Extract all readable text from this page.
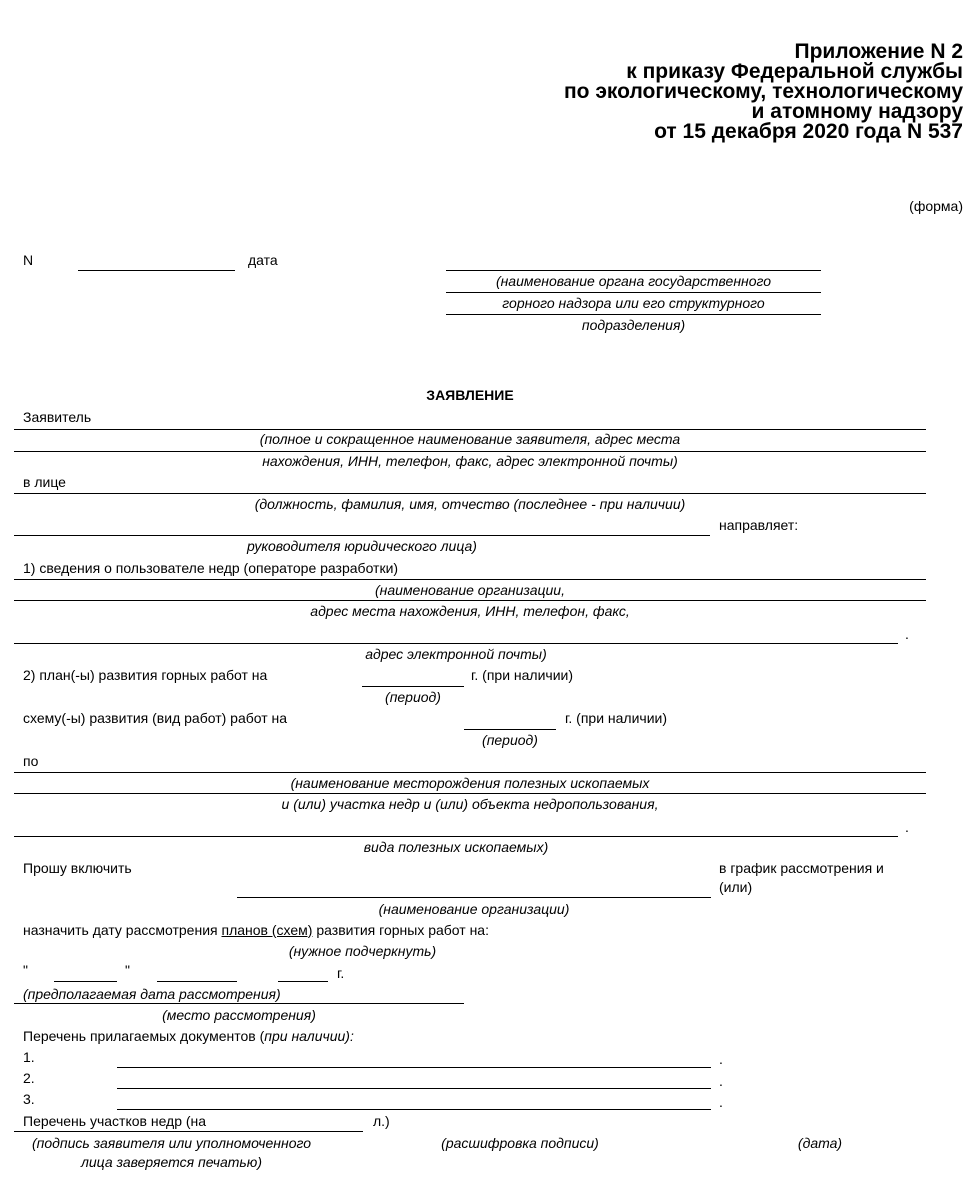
Приложение N 2
к приказу Федеральной службы
по экологическому, технологическому
и атомному надзору
от 15 декабря 2020 года N 537
(форма)
N	дата
(наименование органа государственного
горного надзора или его структурного
подразделения)
ЗАЯВЛЕНИЕ
Заявитель
(полное и сокращенное наименование заявителя, адрес места
нахождения, ИНН, телефон, факс, адрес электронной почты)
в лице
(должность, фамилия, имя, отчество (последнее - при наличии)
направляет:
руководителя юридического лица)
1) сведения о пользователе недр (операторе разработки)
(наименование организации,
адрес места нахождения, ИНН, телефон, факс,
.
адрес электронной почты)
2) план(-ы) развития горных работ на	г. (при наличии)
(период)
схему(-ы) развития (вид работ) работ на	г. (при наличии)
(период)
по
(наименование месторождения полезных ископаемых
и (или) участка недр и (или) объекта недропользования,
.
вида полезных ископаемых)
Прошу включить	в график рассмотрения и
(или)
(наименование организации)
назначить дату рассмотрения планов (схем) развития горных работ на:
(нужное подчеркнуть)
"	"	г.
(предполагаемая дата рассмотрения)
(место рассмотрения)
Перечень прилагаемых документов (при наличии):
1.	.
2.	.
3.	.
Перечень участков недр (на	л.)
(подпись заявителя или уполномоченного
лица заверяется печатью)
(расшифровка подписи)	(дата)
